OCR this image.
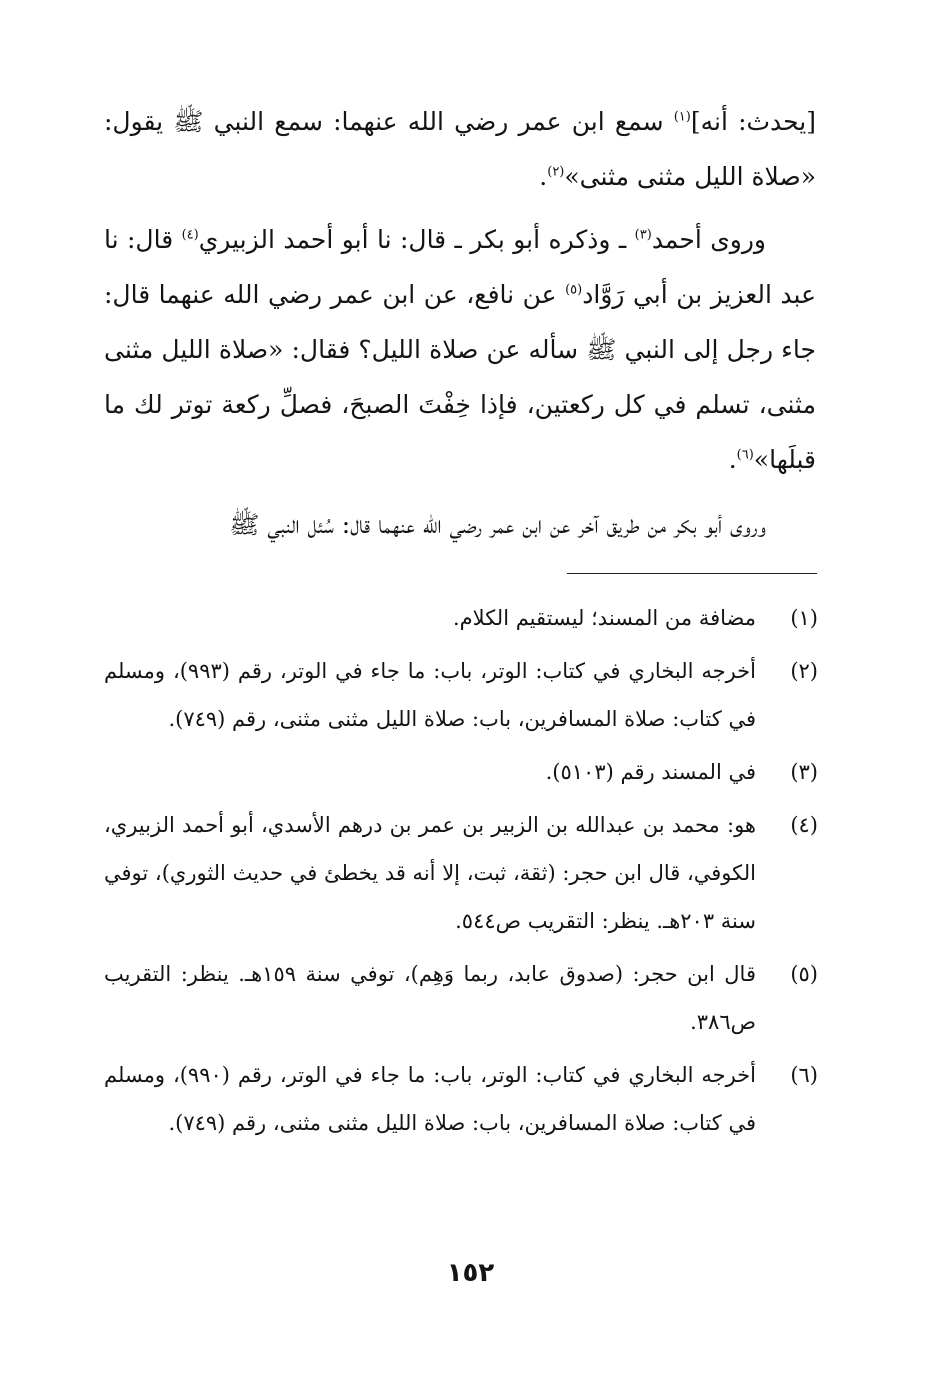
[يحدث: أنه]$^{(١)}$ سمع ابن عمر رضي الله عنهما: سمع النبي ﷺ يقول: «صلاة الليل مثنى مثنى»$^{(٢)}$.

وروى أحمد$^{(٣)}$ ـ وذكره أبو بكر ـ قال: نا أبو أحمد الزبيري$^{(٤)}$ قال: نا عبد العزيز بن أبي رَوَّاد$^{(٥)}$ عن نافع، عن ابن عمر رضي الله عنهما قال: جاء رجل إلى النبي ﷺ سأله عن صلاة الليل؟ فقال: «صلاة الليل مثنى مثنى، تسلم في كل ركعتين، فإذا خِفْتَ الصبحَ، فصلِّ ركعة توتر لك ما قبلَها»$^{(٦)}$.

وروى أبو بكر من طريق آخر عن ابن عمر رضي الله عنهما قال: سُئل النبي ﷺ

(١)
مضافة من المسند؛ ليستقيم الكلام.
(٢)
أخرجه البخاري في كتاب: الوتر، باب: ما جاء في الوتر، رقم (٩٩٣)، ومسلم في كتاب: صلاة المسافرين، باب: صلاة الليل مثنى مثنى، رقم (٧٤٩).
(٣)
في المسند رقم (٥١٠٣).
(٤)
هو: محمد بن عبدالله بن الزبير بن عمر بن درهم الأسدي، أبو أحمد الزبيري، الكوفي، قال ابن حجر: (ثقة، ثبت، إلا أنه قد يخطئ في حديث الثوري)، توفي سنة ٢٠٣هـ. ينظر: التقريب ص٥٤٤.
(٥)
قال ابن حجر: (صدوق عابد، ربما وَهِم)، توفي سنة ١٥٩هـ. ينظر: التقريب ص٣٨٦.
(٦)
أخرجه البخاري في كتاب: الوتر، باب: ما جاء في الوتر، رقم (٩٩٠)، ومسلم في كتاب: صلاة المسافرين، باب: صلاة الليل مثنى مثنى، رقم (٧٤٩).
١٥٢
